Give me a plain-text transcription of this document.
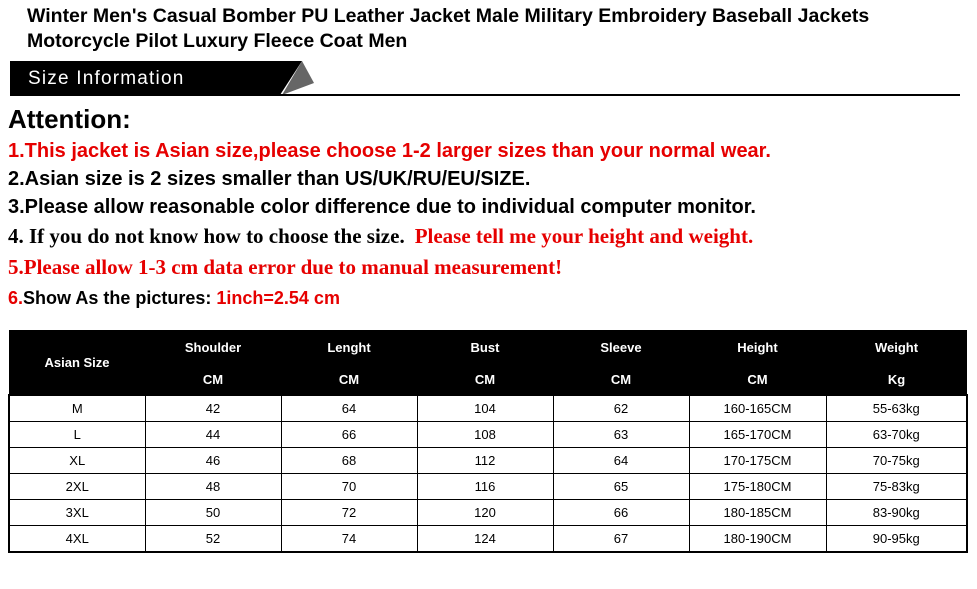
Winter Men's Casual Bomber PU Leather Jacket Male Military Embroidery Baseball Jackets Motorcycle Pilot Luxury Fleece Coat Men
Size Information
Attention:
1.This jacket is Asian size,please choose 1-2 larger sizes than your normal wear.
2.Asian size is 2 sizes smaller than US/UK/RU/EU/SIZE.
3.Please allow reasonable color difference due to individual computer monitor.
4. If you do not know how to choose the size. Please tell me your height and weight.
5.Please allow 1-3 cm data error due to manual measurement!
6.Show As the pictures: 1inch=2.54 cm
Asian Size	Shoulder	Lenght	Bust	Sleeve	Height	Weight
	CM	CM	CM	CM	CM	Kg
M	42	64	104	62	160-165CM	55-63kg
L	44	66	108	63	165-170CM	63-70kg
XL	46	68	112	64	170-175CM	70-75kg
2XL	48	70	116	65	175-180CM	75-83kg
3XL	50	72	120	66	180-185CM	83-90kg
4XL	52	74	124	67	180-190CM	90-95kg
